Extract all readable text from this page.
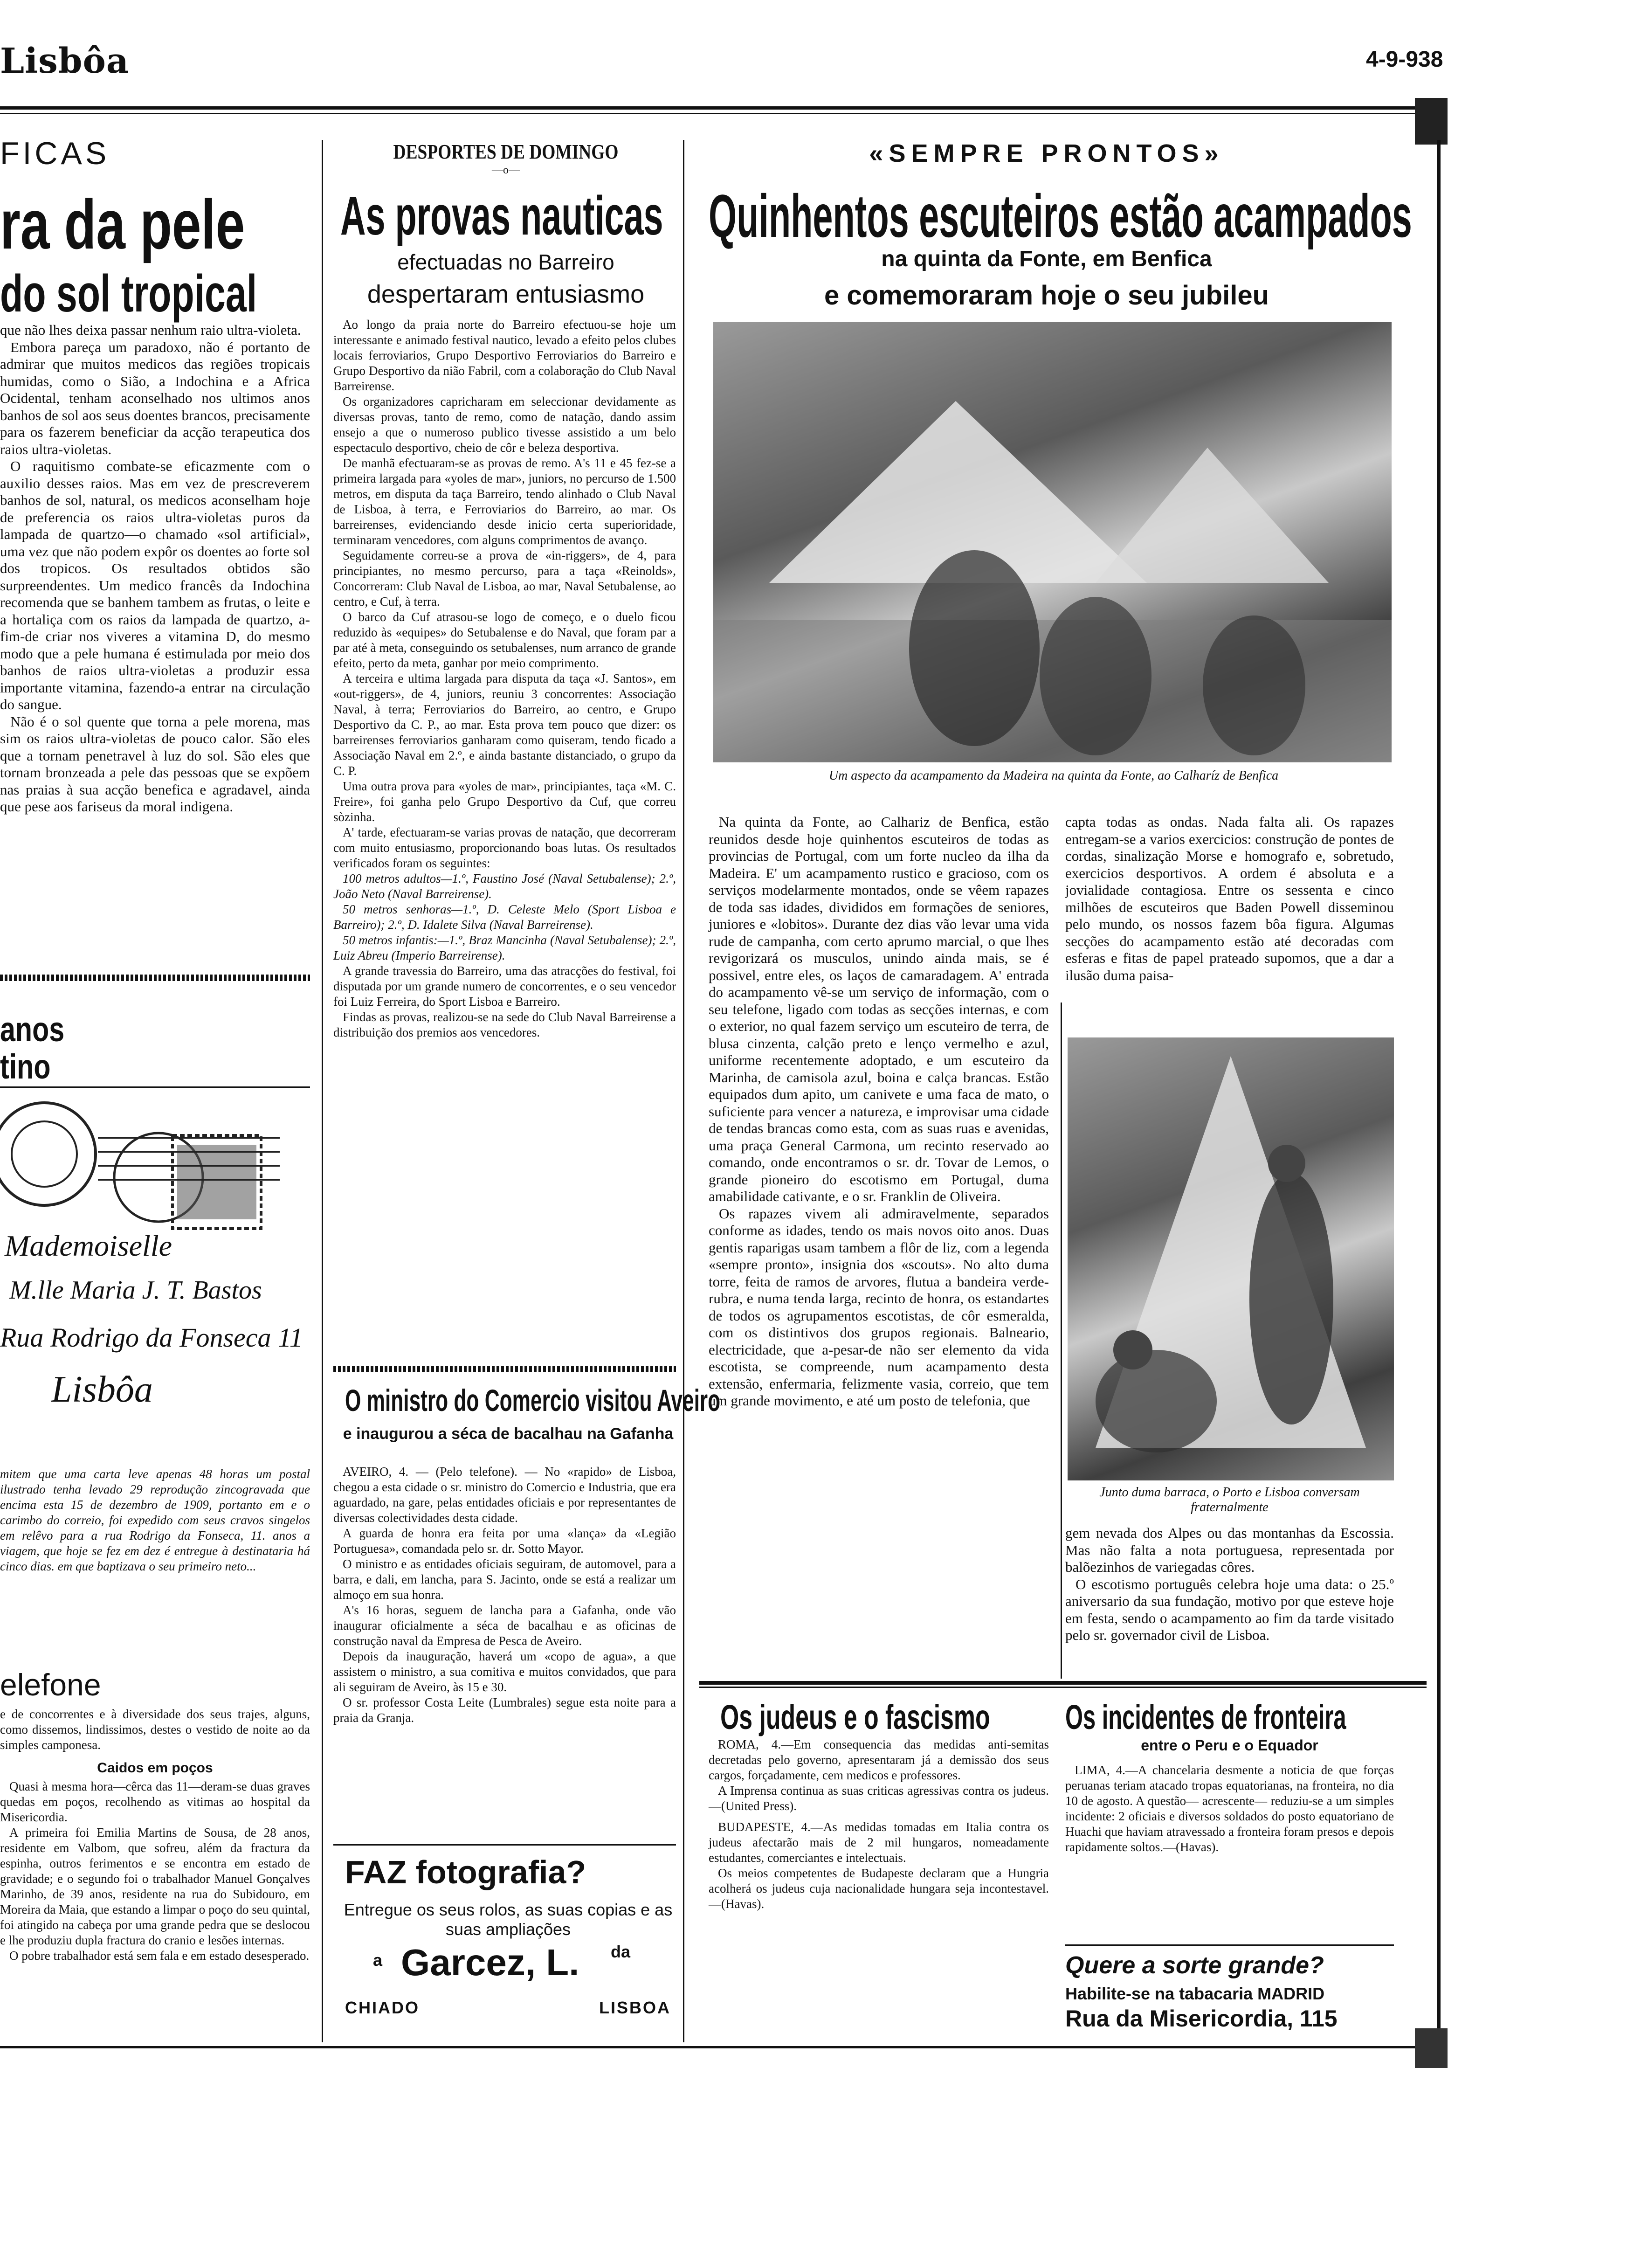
Lisbôa	4-9-938
FICAS
ra da pele
do sol tropical

que não lhes deixa passar nenhum raio ultra-violeta.

Embora pareça um paradoxo, não é portanto de admirar que muitos medicos das regiões tropicais humidas, como o Sião, a Indochina e a Africa Ocidental, tenham aconselhado nos ultimos anos banhos de sol aos seus doentes brancos, precisamente para os fazerem beneficiar da acção terapeutica dos raios ultra-violetas.

O raquitismo combate-se eficazmente com o auxilio desses raios. Mas em vez de prescreverem banhos de sol, natural, os medicos aconselham hoje de preferencia os raios ultra-violetas puros da lampada de quartzo—o chamado «sol artificial», uma vez que não podem expôr os doentes ao forte sol dos tropicos. Os resultados obtidos são surpreendentes. Um medico francês da Indochina recomenda que se banhem tambem as frutas, o leite e a hortaliça com os raios da lampada de quartzo, a-fim-de criar nos viveres a vitamina D, do mesmo modo que a pele humana é estimulada por meio dos banhos de raios ultra-violetas a produzir essa importante vitamina, fazendo-a entrar na circulação do sangue.

Não é o sol quente que torna a pele morena, mas sim os raios ultra-violetas de pouco calor. São eles que a tornam penetravel à luz do sol. São eles que tornam bronzeada a pele das pessoas que se expõem nas praias à sua acção benefica e agradavel, ainda que pese aos fariseus da moral indigena.

anos
tino
Mademoiselle
M.lle Maria J. T. Bastos
Rua Rodrigo da Fonseca 11
Lisbôa
mitem que uma carta leve apenas 48 horas um postal ilustrado tenha levado 29 reprodução zincogravada que encima esta 15 de dezembro de 1909, portanto em e o carimbo do correio, foi expedido com seus cravos singelos em relêvo para a rua Rodrigo da Fonseca, 11. anos a viagem, que hoje se fez em dez é entregue à destinataria há cinco dias. em que baptizava o seu primeiro neto...
elefone
e de concorrentes e à diversidade dos seus trajes, alguns, como dissemos, lindissimos, destes o vestido de noite ao da simples camponesa.
Caidos em poços

Quasi à mesma hora—cêrca das 11—deram-se duas graves quedas em poços, recolhendo as vitimas ao hospital da Misericordia.

A primeira foi Emilia Martins de Sousa, de 28 anos, residente em Valbom, que sofreu, além da fractura da espinha, outros ferimentos e se encontra em estado de gravidade; e o segundo foi o trabalhador Manuel Gonçalves Marinho, de 39 anos, residente na rua do Subidouro, em Moreira da Maia, que estando a limpar o poço do seu quintal, foi atingido na cabeça por uma grande pedra que se deslocou e lhe produziu dupla fractura do cranio e lesões internas.

O pobre trabalhador está sem fala e em estado desesperado.

DESPORTES DE DOMINGO
—o—
As provas nauticas
efectuadas no Barreiro
despertaram entusiasmo

Ao longo da praia norte do Barreiro efectuou-se hoje um interessante e animado festival nautico, levado a efeito pelos clubes locais ferroviarios, Grupo Desportivo Ferroviarios do Barreiro e Grupo Desportivo da nião Fabril, com a colaboração do Club Naval Barreirense.

Os organizadores capricharam em seleccionar devidamente as diversas provas, tanto de remo, como de natação, dando assim ensejo a que o numeroso publico tivesse assistido a um belo espectaculo desportivo, cheio de côr e beleza desportiva.

De manhã efectuaram-se as provas de remo. A's 11 e 45 fez-se a primeira largada para «yoles de mar», juniors, no percurso de 1.500 metros, em disputa da taça Barreiro, tendo alinhado o Club Naval de Lisboa, à terra, e Ferroviarios do Barreiro, ao mar. Os barreirenses, evidenciando desde inicio certa superioridade, terminaram vencedores, com alguns comprimentos de avanço.

Seguidamente correu-se a prova de «in-riggers», de 4, para principiantes, no mesmo percurso, para a taça «Reinolds», Concorreram: Club Naval de Lisboa, ao mar, Naval Setubalense, ao centro, e Cuf, à terra.

O barco da Cuf atrasou-se logo de começo, e o duelo ficou reduzido às «equipes» do Setubalense e do Naval, que foram par a par até à meta, conseguindo os setubalenses, num arranco de grande efeito, perto da meta, ganhar por meio comprimento.

A terceira e ultima largada para disputa da taça «J. Santos», em «out-riggers», de 4, juniors, reuniu 3 concorrentes: Associação Naval, à terra; Ferroviarios do Barreiro, ao centro, e Grupo Desportivo da C. P., ao mar. Esta prova tem pouco que dizer: os barreirenses ferroviarios ganharam como quiseram, tendo ficado a Associação Naval em 2.º, e ainda bastante distanciado, o grupo da C. P.

Uma outra prova para «yoles de mar», principiantes, taça «M. C. Freire», foi ganha pelo Grupo Desportivo da Cuf, que correu sòzinha.

A' tarde, efectuaram-se varias provas de natação, que decorreram com muito entusiasmo, proporcionando boas lutas. Os resultados verificados foram os seguintes:

100 metros adultos—1.º, Faustino José (Naval Setubalense); 2.º, João Neto (Naval Barreirense).

50 metros senhoras—1.º, D. Celeste Melo (Sport Lisboa e Barreiro); 2.º, D. Idalete Silva (Naval Barreirense).

50 metros infantis:—1.º, Braz Mancinha (Naval Setubalense); 2.º, Luiz Abreu (Imperio Barreirense).

A grande travessia do Barreiro, uma das atracções do festival, foi disputada por um grande numero de concorrentes, e o seu vencedor foi Luiz Ferreira, do Sport Lisboa e Barreiro.

Findas as provas, realizou-se na sede do Club Naval Barreirense a distribuição dos premios aos vencedores.

O ministro do Comercio visitou Aveiro
e inaugurou a séca de bacalhau na Gafanha

AVEIRO, 4. — (Pelo telefone). — No «rapido» de Lisboa, chegou a esta cidade o sr. ministro do Comercio e Industria, que era aguardado, na gare, pelas entidades oficiais e por representantes de diversas colectividades desta cidade.

A guarda de honra era feita por uma «lança» da «Legião Portuguesa», comandada pelo sr. dr. Sotto Mayor.

O ministro e as entidades oficiais seguiram, de automovel, para a barra, e dali, em lancha, para S. Jacinto, onde se está a realizar um almoço em sua honra.

A's 16 horas, seguem de lancha para a Gafanha, onde vão inaugurar oficialmente a séca de bacalhau e as oficinas de construção naval da Empresa de Pesca de Aveiro.

Depois da inauguração, haverá um «copo de agua», a que assistem o ministro, a sua comitiva e muitos convidados, que para ali seguiram de Aveiro, às 15 e 30.

O sr. professor Costa Leite (Lumbrales) segue esta noite para a praia da Granja.

FAZ fotografia?
Entregue os seus rolos, as suas copias e as suas ampliações
a Garcez, L. da
CHIADO	LISBOA
«SEMPRE PRONTOS»
Quinhentos escuteiros estão acampados
na quinta da Fonte, em Benfica
e comemoraram hoje o seu jubileu
Um aspecto da acampamento da Madeira na quinta da Fonte, ao Calharíz de Benfica

Na quinta da Fonte, ao Calhariz de Benfica, estão reunidos desde hoje quinhentos escuteiros de todas as provincias de Portugal, com um forte nucleo da ilha da Madeira. E' um acampamento rustico e gracioso, com os serviços modelarmente montados, onde se vêem rapazes de toda sas idades, divididos em formações de seniores, juniores e «lobitos». Durante dez dias vão levar uma vida rude de campanha, com certo aprumo marcial, o que lhes revigorizará os musculos, unindo ainda mais, se é possivel, entre eles, os laços de camaradagem. A' entrada do acampamento vê-se um serviço de informação, com o seu telefone, ligado com todas as secções internas, e com o exterior, no qual fazem serviço um escuteiro de terra, de blusa cinzenta, calção preto e lenço vermelho e azul, uniforme recentemente adoptado, e um escuteiro da Marinha, de camisola azul, boina e calça brancas. Estão equipados dum apito, um canivete e uma faca de mato, o suficiente para vencer a natureza, e improvisar uma cidade de tendas brancas como esta, com as suas ruas e avenidas, uma praça General Carmona, um recinto reservado ao comando, onde encontramos o sr. dr. Tovar de Lemos, o grande pioneiro do escotismo em Portugal, duma amabilidade cativante, e o sr. Franklin de Oliveira.

Os rapazes vivem ali admiravelmente, separados conforme as idades, tendo os mais novos oito anos. Duas gentis raparigas usam tambem a flôr de liz, com a legenda «sempre pronto», insignia dos «scouts». No alto duma torre, feita de ramos de arvores, flutua a bandeira verde-rubra, e numa tenda larga, recinto de honra, os estandartes de todos os agrupamentos escotistas, de côr esmeralda, com os distintivos dos grupos regionais. Balneario, electricidade, que a-pesar-de não ser elemento da vida escotista, se compreende, num acampamento desta extensão, enfermaria, felizmente vasia, correio, que tem um grande movimento, e até um posto de telefonia, que

capta todas as ondas. Nada falta ali. Os rapazes entregam-se a varios exercicios: construção de pontes de cordas, sinalização Morse e homografo e, sobretudo, exercicios desportivos. A ordem é absoluta e a jovialidade contagiosa. Entre os sessenta e cinco milhões de escuteiros que Baden Powell disseminou pelo mundo, os nossos fazem bôa figura. Algumas secções do acampamento estão até decoradas com esferas e fitas de papel prateado supomos, que a dar a ilusão duma paisa-
Junto duma barraca, o Porto e Lisboa conversam fraternalmente

gem nevada dos Alpes ou das montanhas da Escossia. Mas não falta a nota portuguesa, representada por balõezinhos de variegadas côres.

O escotismo português celebra hoje uma data: o 25.º aniversario da sua fundação, motivo por que esteve hoje em festa, sendo o acampamento ao fim da tarde visitado pelo sr. governador civil de Lisboa.

Os judeus e o fascismo

ROMA, 4.—Em consequencia das medidas anti-semitas decretadas pelo governo, apresentaram já a demissão dos seus cargos, forçadamente, cem medicos e professores.

A Imprensa continua as suas criticas agressivas contra os judeus.—(United Press).

BUDAPESTE, 4.—As medidas tomadas em Italia contra os judeus afectarão mais de 2 mil hungaros, nomeadamente estudantes, comerciantes e intelectuais.

Os meios competentes de Budapeste declaram que a Hungria acolherá os judeus cuja nacionalidade hungara seja incontestavel.—(Havas).

Os incidentes de fronteira
entre o Peru e o Equador
LIMA, 4.—A chancelaria desmente a noticia de que forças peruanas teriam atacado tropas equatorianas, na fronteira, no dia 10 de agosto. A questão— acrescente— reduziu-se a um simples incidente: 2 oficiais e diversos soldados do posto equatoriano de Huachi que haviam atravessado a fronteira foram presos e depois rapidamente soltos.—(Havas).
Quere a sorte grande?
Habilite-se na tabacaria MADRID
Rua da Misericordia, 115
